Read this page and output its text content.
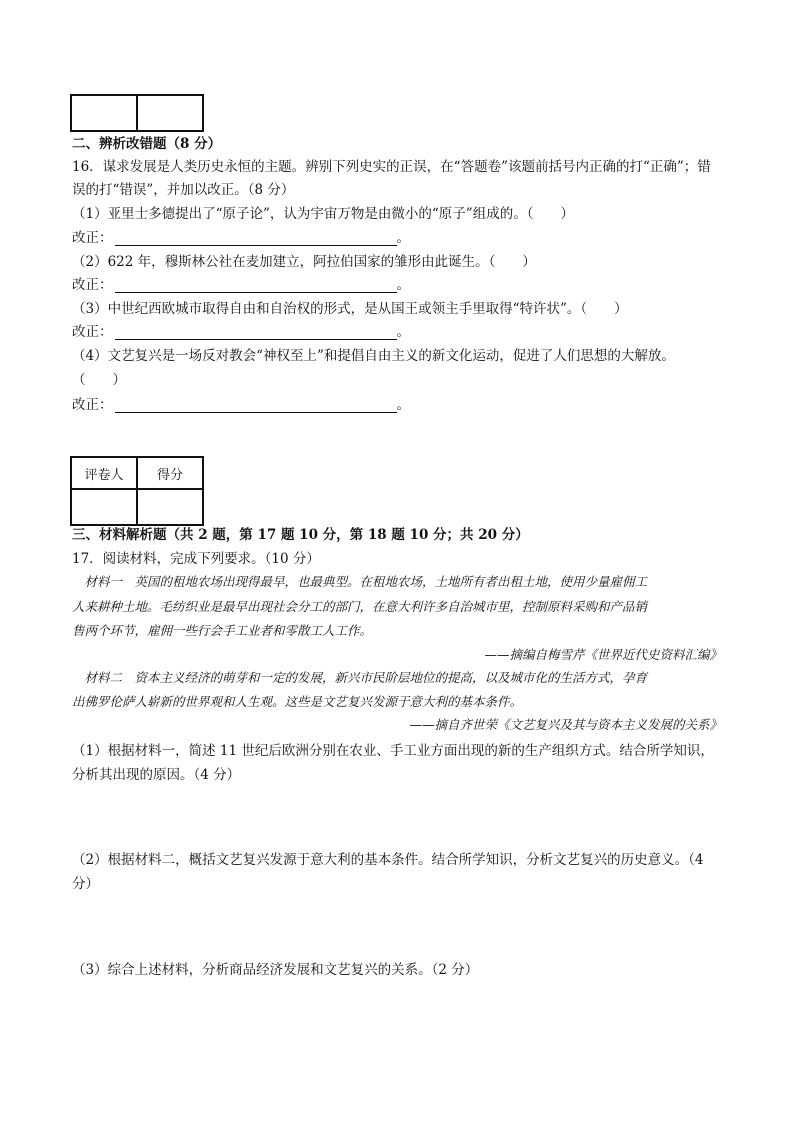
二、辨析改错题（8 分）
16．谋求发展是人类历史永恒的主题。辨别下列史实的正误，在“答题卷”该题前括号内正确的打“正确”；错
误的打“错误”，并加以改正。（8 分）
（1）亚里士多德提出了“原子论”，认为宇宙万物是由微小的“原子”组成的。（　　）
改正：	。
（2）622 年，穆斯林公社在麦加建立，阿拉伯国家的雏形由此诞生。（　　）
改正：	。
（3）中世纪西欧城市取得自由和自治权的形式，是从国王或领主手里取得“特许状”。（　　）
改正：	。
（4）文艺复兴是一场反对教会“神权至上”和提倡自由主义的新文化运动，促进了人们思想的大解放。
（　　）
改正：	。
评卷人	得分

三、材料解析题（共 2 题，第 17 题 10 分，第 18 题 10 分；共 20 分）
17．阅读材料，完成下列要求。（10 分）
　材料一　英国的租地农场出现得最早，也最典型。在租地农场，土地所有者出租土地，使用少量雇佣工
人来耕种土地。毛纺织业是最早出现社会分工的部门，在意大利许多自治城市里，控制原料采购和产品销
售两个环节，雇佣一些行会手工业者和零散工人工作。
——摘编自梅雪芹《世界近代史资料汇编》
　材料二　资本主义经济的萌芽和一定的发展，新兴市民阶层地位的提高，以及城市化的生活方式，孕育
出佛罗伦萨人崭新的世界观和人生观。这些是文艺复兴发源于意大利的基本条件。
——摘自齐世荣《文艺复兴及其与资本主义发展的关系》
（1）根据材料一，简述 11 世纪后欧洲分别在农业、手工业方面出现的新的生产组织方式。结合所学知识，
分析其出现的原因。（4 分）
（2）根据材料二，概括文艺复兴发源于意大利的基本条件。结合所学知识，分析文艺复兴的历史意义。（4
分）
（3）综合上述材料，分析商品经济发展和文艺复兴的关系。（2 分）
